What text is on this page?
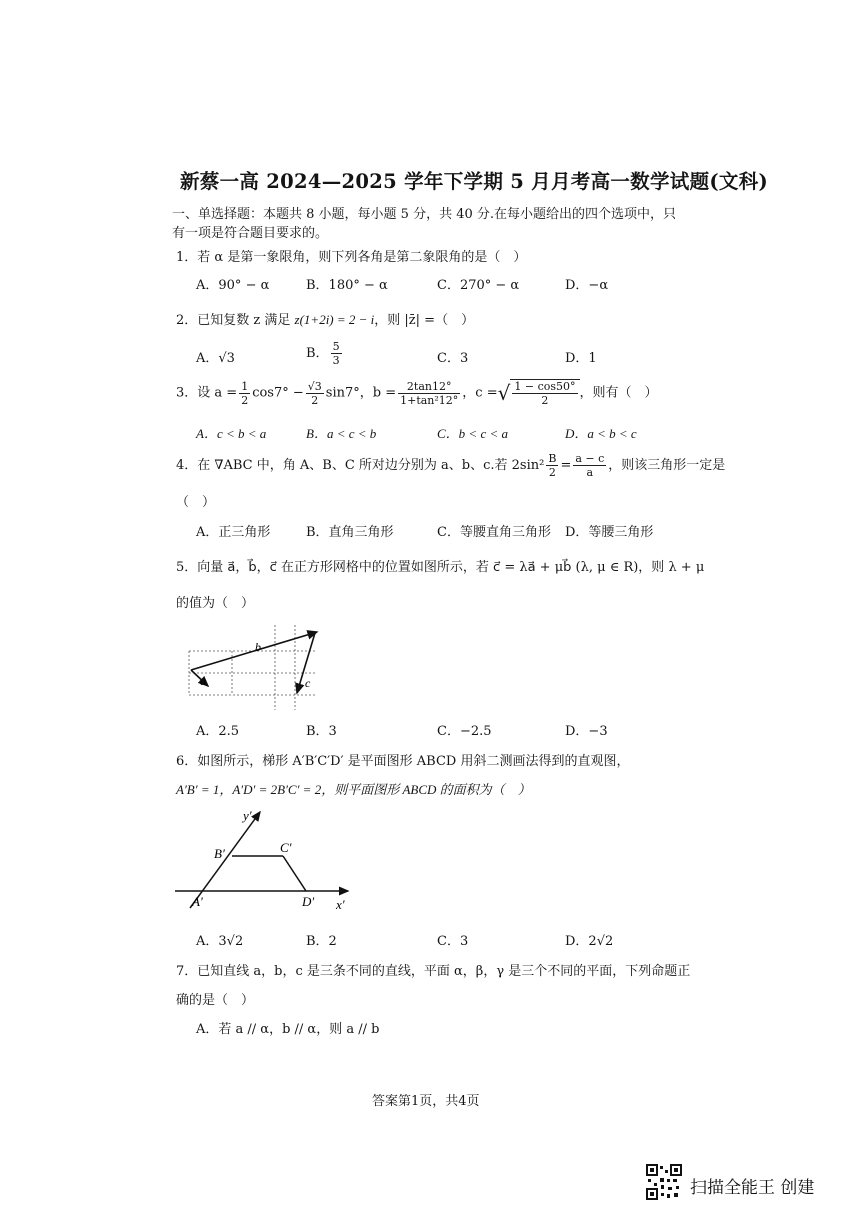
新蔡一高 2024—2025 学年下学期 5 月月考高一数学试题(文科)
一、单选择题：本题共 8 小题，每小题 5 分，共 40 分.在每小题给出的四个选项中，只
有一项是符合题目要求的。
1．若 α 是第一象限角，则下列各角是第二象限角的是（　）
A．90° − α	B．180° − α	C．270° − α	D．−α
2．已知复数 z 满足 z(1+2i) = 2 − i，则 |z̄| =（　）
A．√3	B． $\frac{5}{3}$	C．3	D．1
3．设 $a = \frac{1}{2} \cos 7^\circ - \frac{√3}{2} \sin 7^\circ$，$b = \frac{2\tan 12^\circ}{\text{1+tan²12°}}$ ，c =√ $\frac{1 - \cos 50^\circ}{2}$ ，则有（　）
A．c < b < a	B．a < c < b	C．b < c < a	D．a < b < c
4．在 ∇ABC 中，角 A、B、C 所对边分别为 a、b、c.若 $2\sin^2 \frac{B}{2} = \frac{a - c}{a}$ ，则该三角形一定是
（　）
A．正三角形	B．直角三角形	C．等腰直角三角形 D．等腰三角形
5．向量 a⃗，b⃗，c⃗ 在正方形网格中的位置如图所示，若 c⃗ = λa⃗ + μb⃗ (λ, μ ∈ R)，则 λ + μ
的值为（　）
b
a	c
A．2.5	B．3	C．−2.5	D．−3
6．如图所示，梯形 A′B′C′D′ 是平面图形 ABCD 用斜二测画法得到的直观图，
A′B′ = 1，A′D′ = 2B′C′ = 2，则平面图形 ABCD 的面积为（　）
y′
x′
B′	C′
A′	D′
A．3√2	B．2	C．3	D．2√2
7．已知直线 a，b，c 是三条不同的直线，平面 α，β，γ 是三个不同的平面，下列命题正
确的是（　）
A．若 a // α，b // α，则 a // b
答案第1页，共4页
扫描全能王 创建
